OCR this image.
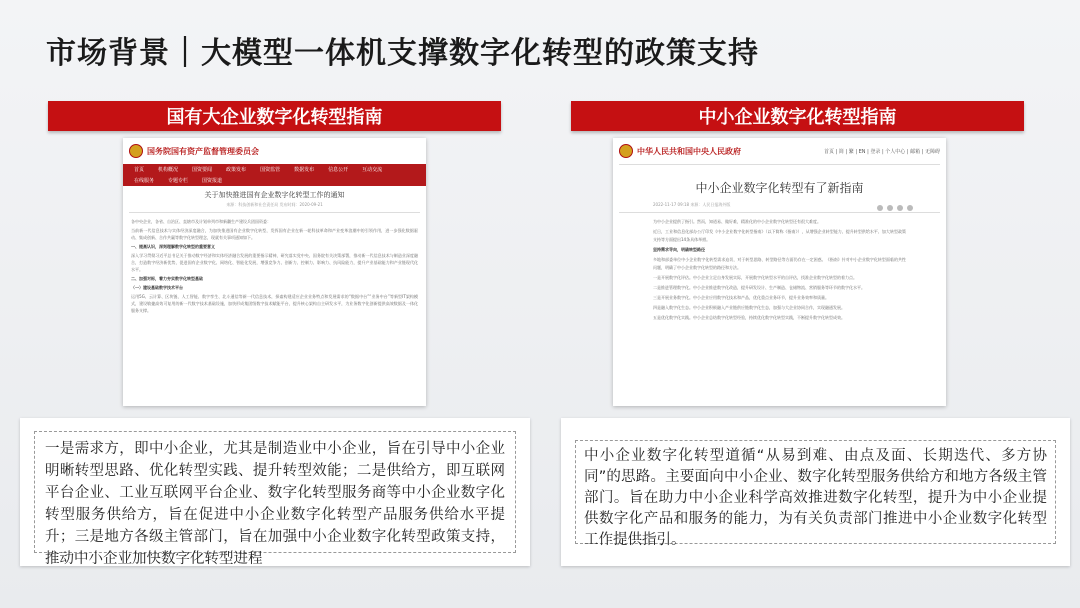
市场背景｜大模型一体机支撑数字化转型的政策支持
国有大企业数字化转型指南	中小企业数字化转型指南
国务院国有资产监督管理委员会
首页	机构概况	国资要闻	政策发布	国资监管	数据发布	信息公开	互动交流
在线服务	专题专栏	国资报道
关于加快推进国有企业数字化转型工作的通知
来源：科技创新和社会责任局 发布时间：2020-09-21
各中央企业，各省、自治区、直辖市及计划单列市和新疆生产建设兵团国资委：
当前新一代信息技术与实体经济深度融合，为加快推进国有企业数字化转型，发挥国有企业在新一轮科技革命和产业变革浪潮中的引领作用，进一步强化数据驱动、集成创新、合作共赢等数字化转型理念，现就有关事项通知如下。
一、提高认识，深刻理解数字化转型的重要意义
深入学习贯彻习近平总书记关于推动数字经济和实体经济融合发展的重要指示精神，研究落实党中央、国务院有关决策部署，推动新一代信息技术与制造业深度融合，打造数字经济新优势，促进国有企业数字化、网络化、智能化发展，增强竞争力、创新力、控制力、影响力、抗风险能力，提升产业基础能力和产业链现代化水平。
二、加强对标，着力夯实数字化转型基础
（一）建设基础数字技术平台
运用5G、云计算、区块链、人工智能、数字孪生、北斗通信等新一代信息技术，探索构建适应企业业务特点和发展需求的“数据中台”“业务中台”等新型IT架构模式，建设敏捷高效可复用的新一代数字技术基础设施，加快形成集团级数字技术赋能平台，提升核心架构自主研发水平，为业务数字化创新提供高效数据及一体化服务支撑。
中华人民共和国中央人民政府	首页 | 简 | 繁 | EN | 登录 | 个人中心 | 邮箱 | 无障碍
中小企业数字化转型有了新指南
2022-11-17 09:18 来源：人民日报海外版
为中小企业提供了指引。然而，知道易、做好难，精准化的中小企业数字化转型还有很大难度。
近日，工业和信息化部办公厅印发《中小企业数字化转型指南》（以下简称《指南》），从增强企业转型能力、提升转型供给水平、加大转型政策支持等方面提出14条具体举措。
坚持需求导向，明确转型路径
多地和部委单位中小企业数字化转型需求迫切，对于转型思路、转型路径等方面仍存在一定困惑。《指南》针对中小企业数字化转型面临的共性问题，明确了中小企业数字化转型的路径和方法。
一是开展数字化评估。中小企业立足自身发展实际，开展数字化转型水平的自评估，找准企业数字化转型的着力点。
二是推进管理数字化。中小企业推进数字化改造，提升研发设计、生产制造、仓储物流、营销服务等环节的数字化水平。
三是开展业务数字化。中小企业应用数字化技术和产品，优化重点业务环节，提升业务效率和质量。
四是融入数字化生态。中小企业积极融入产业链供应链数字化生态，加强与大企业协同合作，实现融通发展。
五是优化数字化实践。中小企业总结数字化转型经验，持续优化数字化转型实践，不断提升数字化转型成效。
一是需求方，即中小企业，尤其是制造业中小企业，旨在引导中小企业明晰转型思路、优化转型实践、提升转型效能；二是供给方，即互联网平台企业、工业互联网平台企业、数字化转型服务商等中小企业数字化转型服务供给方，旨在促进中小企业数字化转型产品服务供给水平提升；三是地方各级主管部门，旨在加强中小企业数字化转型政策支持，推动中小企业加快数字化转型进程
中小企业数字化转型道循“从易到难、由点及面、长期迭代、多方协同”的思路。主要面向中小企业、数字化转型服务供给方和地方各级主管部门。旨在助力中小企业科学高效推进数字化转型，提升为中小企业提供数字化产品和服务的能力，为有关负责部门推进中小企业数字化转型工作提供指引。
